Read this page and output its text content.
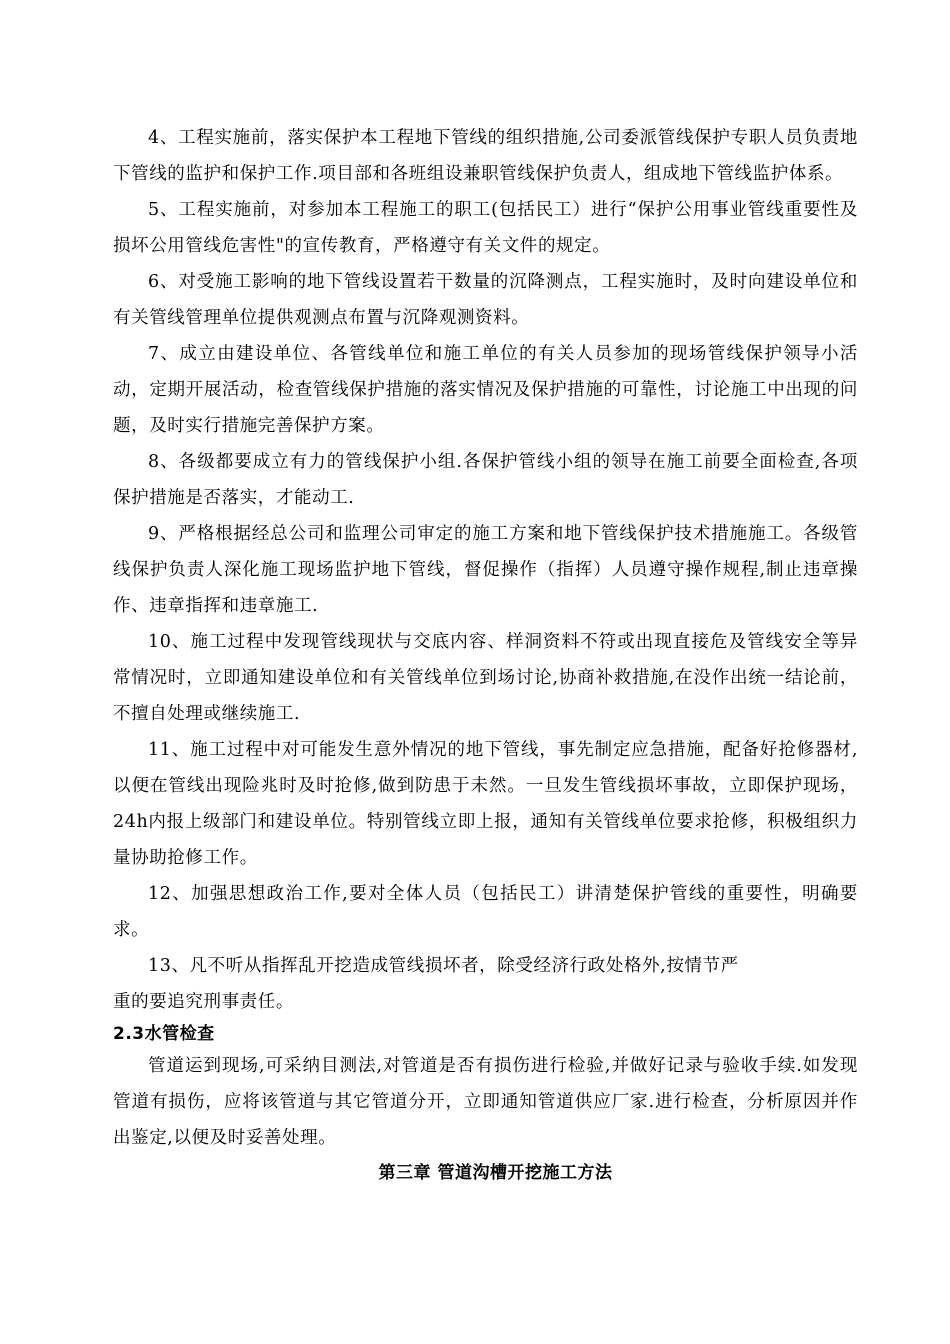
4、工程实施前，落实保护本工程地下管线的组织措施,公司委派管线保护专职人员负责地下管线的监护和保护工作.项目部和各班组设兼职管线保护负责人，组成地下管线监护体系。

5、工程实施前，对参加本工程施工的职工(包括民工）进行“保护公用事业管线重要性及损坏公用管线危害性"的宣传教育，严格遵守有关文件的规定。

6、对受施工影响的地下管线设置若干数量的沉降测点，工程实施时，及时向建设单位和有关管线管理单位提供观测点布置与沉降观测资料。

7、成立由建设单位、各管线单位和施工单位的有关人员参加的现场管线保护领导小活动，定期开展活动，检查管线保护措施的落实情况及保护措施的可靠性，讨论施工中出现的问题，及时实行措施完善保护方案。

8、各级都要成立有力的管线保护小组.各保护管线小组的领导在施工前要全面检查,各项保护措施是否落实，才能动工.

9、严格根据经总公司和监理公司审定的施工方案和地下管线保护技术措施施工。各级管线保护负责人深化施工现场监护地下管线，督促操作（指挥）人员遵守操作规程,制止违章操作、违章指挥和违章施工.

10、施工过程中发现管线现状与交底内容、样洞资料不符或出现直接危及管线安全等异常情况时，立即通知建设单位和有关管线单位到场讨论,协商补救措施,在没作出统一结论前，不擅自处理或继续施工.

11、施工过程中对可能发生意外情况的地下管线，事先制定应急措施，配备好抢修器材,以便在管线出现险兆时及时抢修,做到防患于未然。一旦发生管线损坏事故，立即保护现场，24h内报上级部门和建设单位。特别管线立即上报，通知有关管线单位要求抢修，积极组织力量协助抢修工作。

12、加强思想政治工作,要对全体人员（包括民工）讲清楚保护管线的重要性，明确要求。

13、凡不听从指挥乱开挖造成管线损坏者，除受经济行政处格外,按情节严
重的要追究刑事责任。

2.3水管检查

管道运到现场,可采纳目测法,对管道是否有损伤进行检验,并做好记录与验收手续.如发现管道有损伤，应将该管道与其它管道分开，立即通知管道供应厂家.进行检查，分析原因并作出鉴定,以便及时妥善处理。

第三章 管道沟槽开挖施工方法
